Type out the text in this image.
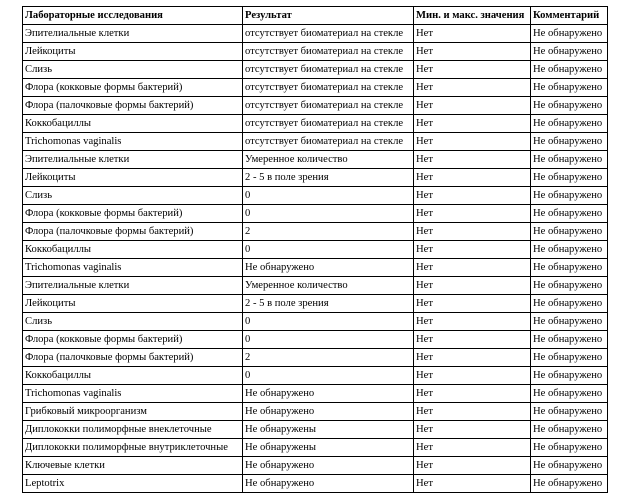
Лабораторные исследования	Результат	Мин. и макс. значения	Комментарий
Эпителиальные клетки	отсутствует биоматериал на стекле	Нет	Не обнаружено
Лейкоциты	отсутствует биоматериал на стекле	Нет	Не обнаружено
Слизь	отсутствует биоматериал на стекле	Нет	Не обнаружено
Флора (кокковые формы бактерий)	отсутствует биоматериал на стекле	Нет	Не обнаружено
Флора (палочковые формы бактерий)	отсутствует биоматериал на стекле	Нет	Не обнаружено
Коккобациллы	отсутствует биоматериал на стекле	Нет	Не обнаружено
Trichomonas vaginalis	отсутствует биоматериал на стекле	Нет	Не обнаружено
Эпителиальные клетки	Умеренное количество	Нет	Не обнаружено
Лейкоциты	2 - 5 в поле зрения	Нет	Не обнаружено
Слизь	0	Нет	Не обнаружено
Флора (кокковые формы бактерий)	0	Нет	Не обнаружено
Флора (палочковые формы бактерий)	2	Нет	Не обнаружено
Коккобациллы	0	Нет	Не обнаружено
Trichomonas vaginalis	Не обнаружено	Нет	Не обнаружено
Эпителиальные клетки	Умеренное количество	Нет	Не обнаружено
Лейкоциты	2 - 5 в поле зрения	Нет	Не обнаружено
Слизь	0	Нет	Не обнаружено
Флора (кокковые формы бактерий)	0	Нет	Не обнаружено
Флора (палочковые формы бактерий)	2	Нет	Не обнаружено
Коккобациллы	0	Нет	Не обнаружено
Trichomonas vaginalis	Не обнаружено	Нет	Не обнаружено
Грибковый микроорганизм	Не обнаружено	Нет	Не обнаружено
Диплококки полиморфные внеклеточные	Не обнаружены	Нет	Не обнаружено
Диплококки полиморфные внутриклеточные	Не обнаружены	Нет	Не обнаружено
Ключевые клетки	Не обнаружено	Нет	Не обнаружено
Leptotrix	Не обнаружено	Нет	Не обнаружено
